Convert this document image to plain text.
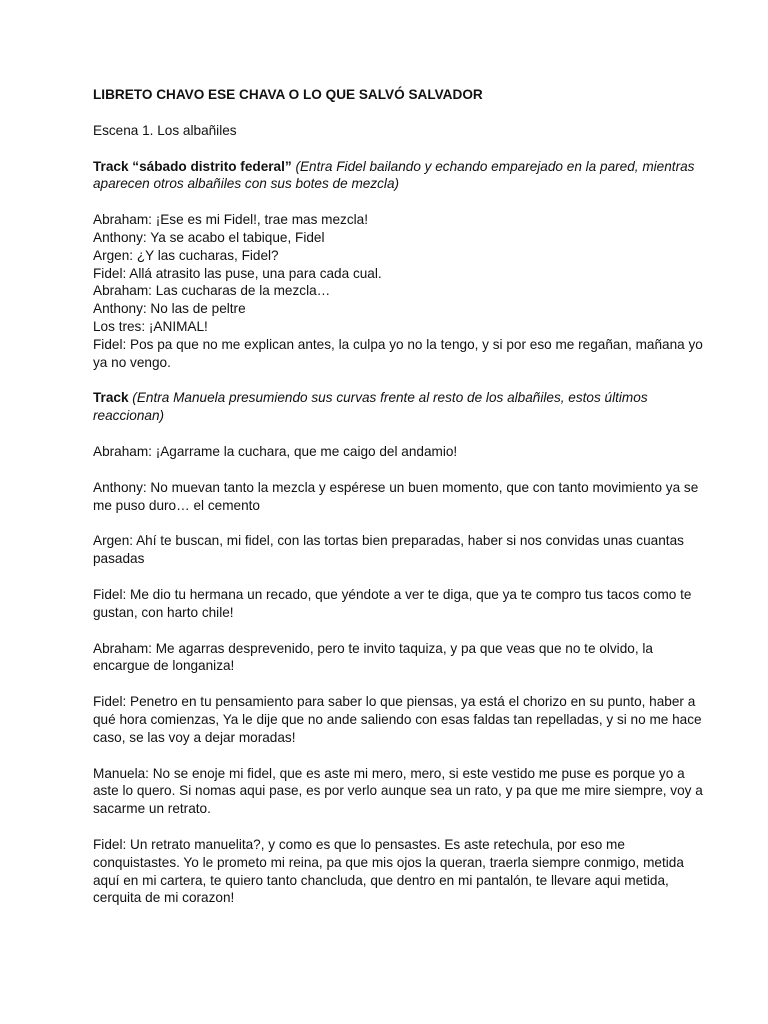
LIBRETO CHAVO ESE CHAVA O LO QUE SALVÓ SALVADOR

Escena 1. Los albañiles

Track “sábado distrito federal” (Entra Fidel bailando y echando emparejado en la pared, mientras aparecen otros albañiles con sus botes de mezcla)

Abraham: ¡Ese es mi Fidel!, trae mas mezcla!

Anthony: Ya se acabo el tabique, Fidel

Argen: ¿Y las cucharas, Fidel?

Fidel: Allá atrasito las puse, una para cada cual.

Abraham: Las cucharas de la mezcla…

Anthony: No las de peltre

Los tres: ¡ANIMAL!

Fidel: Pos pa que no me explican antes, la culpa yo no la tengo, y si por eso me regañan, mañana yo ya no vengo.

Track (Entra Manuela presumiendo sus curvas frente al resto de los albañiles, estos últimos reaccionan)

Abraham: ¡Agarrame la cuchara, que me caigo del andamio!

Anthony: No muevan tanto la mezcla y espérese un buen momento, que con tanto movimiento ya se me puso duro… el cemento

Argen: Ahí te buscan, mi fidel, con las tortas bien preparadas, haber si nos convidas unas cuantas pasadas

Fidel: Me dio tu hermana un recado, que yéndote a ver te diga, que ya te compro tus tacos como te gustan, con harto chile!

Abraham: Me agarras desprevenido, pero te invito taquiza, y pa que veas que no te olvido, la encargue de longaniza!

Fidel: Penetro en tu pensamiento para saber lo que piensas, ya está el chorizo en su punto, haber a qué hora comienzas, Ya le dije que no ande saliendo con esas faldas tan repelladas, y si no me hace caso, se las voy a dejar moradas!

Manuela: No se enoje mi fidel, que es aste mi mero, mero, si este vestido me puse es porque yo a aste lo quero. Si nomas aqui pase, es por verlo aunque sea un rato, y pa que me mire siempre, voy a sacarme un retrato.

Fidel: Un retrato manuelita?, y como es que lo pensastes. Es aste retechula, por eso me conquistastes. Yo le prometo mi reina, pa que mis ojos la queran, traerla siempre conmigo, metida aquí en mi cartera, te quiero tanto chancluda, que dentro en mi pantalón, te llevare aqui metida, cerquita de mi corazon!
